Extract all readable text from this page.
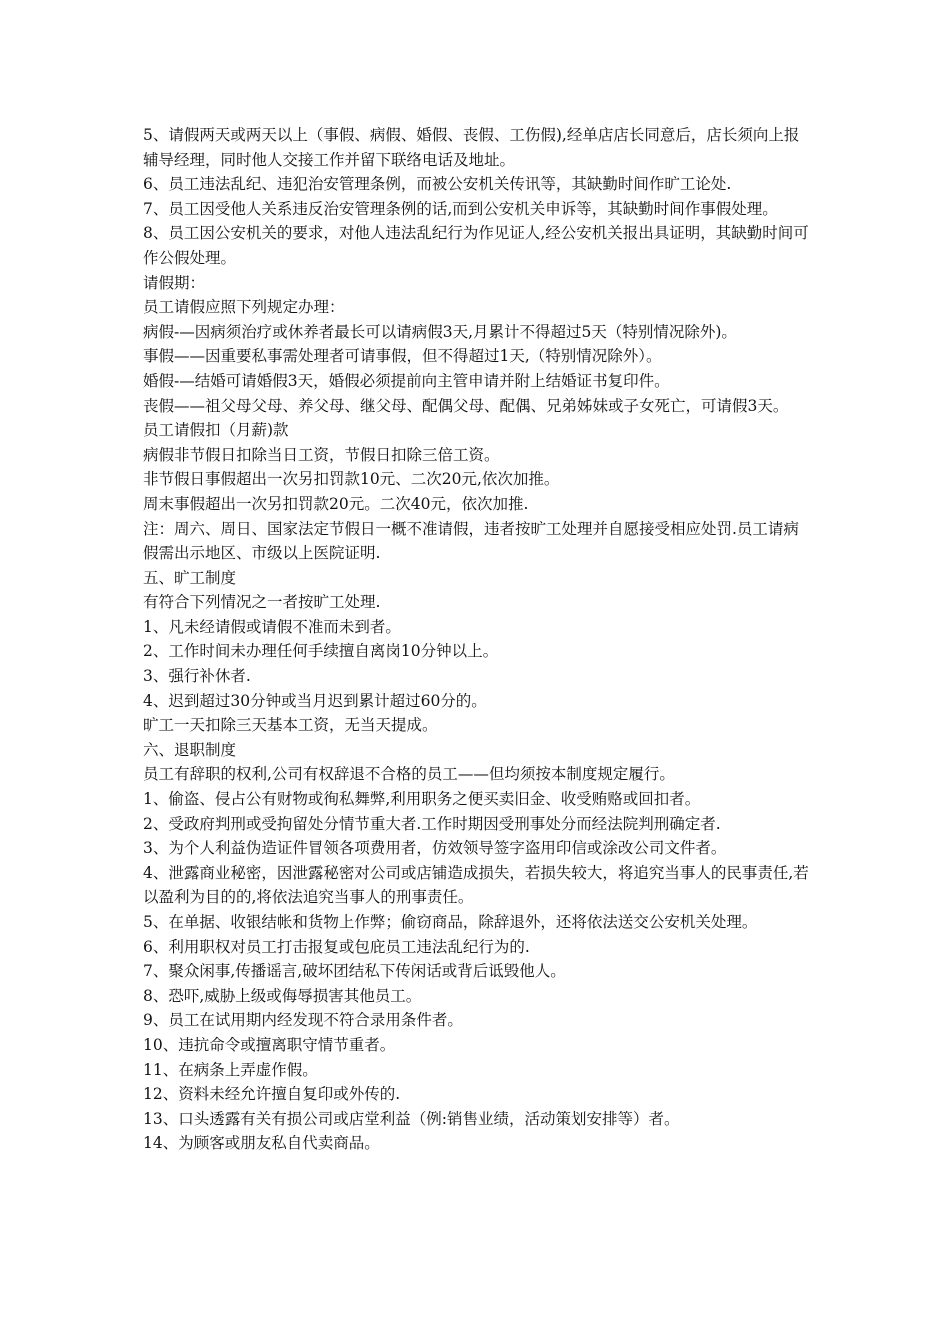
5、请假两天或两天以上（事假、病假、婚假、丧假、工伤假),经单店店长同意后，店长须向上报辅导经理，同时他人交接工作并留下联络电话及地址。

6、员工违法乱纪、违犯治安管理条例，而被公安机关传讯等，其缺勤时间作旷工论处.

7、员工因受他人关系违反治安管理条例的话,而到公安机关申诉等，其缺勤时间作事假处理。

8、员工因公安机关的要求，对他人违法乱纪行为作见证人,经公安机关报出具证明，其缺勤时间可作公假处理。

请假期：

员工请假应照下列规定办理：

病假-—因病须治疗或休养者最长可以请病假3天,月累计不得超过5天（特别情况除外)。

事假——因重要私事需处理者可请事假，但不得超过1天,（特别情况除外）。

婚假-—结婚可请婚假3天，婚假必须提前向主管申请并附上结婚证书复印件。

丧假——祖父母父母、养父母、继父母、配偶父母、配偶、兄弟姊妹或子女死亡，可请假3天。

员工请假扣（月薪)款

病假非节假日扣除当日工资，节假日扣除三倍工资。

非节假日事假超出一次另扣罚款10元、二次20元,依次加推。

周末事假超出一次另扣罚款20元。二次40元，依次加推.

注：周六、周日、国家法定节假日一概不准请假，违者按旷工处理并自愿接受相应处罚.员工请病假需出示地区、市级以上医院证明.

五、旷工制度

有符合下列情况之一者按旷工处理.

1、凡未经请假或请假不准而未到者。

2、工作时间未办理任何手续擅自离岗10分钟以上。

3、强行补休者.

4、迟到超过30分钟或当月迟到累计超过60分的。

旷工一天扣除三天基本工资，无当天提成。

六、退职制度

员工有辞职的权利,公司有权辞退不合格的员工——但均须按本制度规定履行。

1、偷盗、侵占公有财物或徇私舞弊,利用职务之便买卖旧金、收受贿赂或回扣者。

2、受政府判刑或受拘留处分情节重大者.工作时期因受刑事处分而经法院判刑确定者.

3、为个人利益伪造证件冒领各项费用者，仿效领导签字盗用印信或涂改公司文件者。

4、泄露商业秘密，因泄露秘密对公司或店铺造成损失，若损失较大，将追究当事人的民事责任,若以盈利为目的的,将依法追究当事人的刑事责任。

5、在单据、收银结帐和货物上作弊；偷窃商品，除辞退外，还将依法送交公安机关处理。

6、利用职权对员工打击报复或包庇员工违法乱纪行为的.

7、聚众闲事,传播谣言,破坏团结私下传闲话或背后诋毁他人。

8、恐吓,威胁上级或侮辱损害其他员工。

9、员工在试用期内经发现不符合录用条件者。

10、违抗命令或擅离职守情节重者。

11、在病条上弄虚作假。

12、资料未经允许擅自复印或外传的.

13、口头透露有关有损公司或店堂利益（例:销售业绩，活动策划安排等）者。

14、为顾客或朋友私自代卖商品。
